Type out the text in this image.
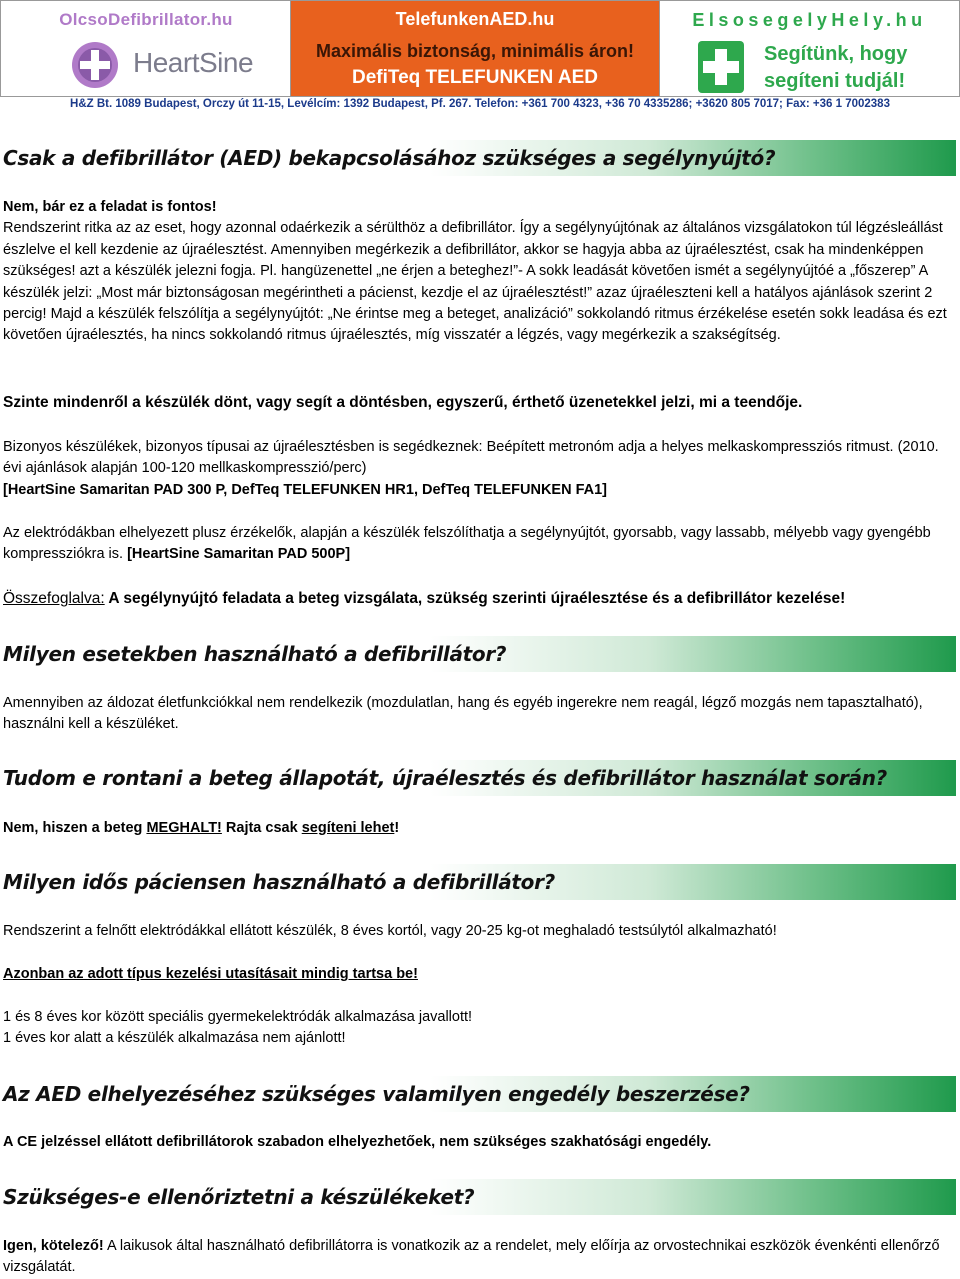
OlcsoDefibrillator.hu
HeartSine
TelefunkenAED.hu
Maximális biztonság, minimális áron!
DefiTeq TELEFUNKEN AED
ElsosegelyHely.hu
Segítünk, hogy
segíteni tudjál!
H&Z Bt. 1089 Budapest, Orczy út 11-15, Levélcím: 1392 Budapest, Pf. 267. Telefon: +361 700 4323, +36 70 4335286; +3620 805 7017; Fax: +36 1 7002383
Csak a defibrillátor (AED) bekapcsolásához szükséges a segélynyújtó?
Nem, bár ez a feladat is fontos!
Rendszerint ritka az az eset, hogy azonnal odaérkezik a sérülthöz a defibrillátor. Így a segélynyújtónak az általános vizsgálatokon túl légzésleállást észlelve el kell kezdenie az újraélesztést. Amennyiben megérkezik a defibrillátor, akkor se hagyja abba az újraélesztést, csak ha mindenképpen szükséges! azt a készülék jelezni fogja. Pl. hangüzenettel „ne érjen a beteghez!”- A sokk leadását követően ismét a segélynyújtóé a „főszerep” A készülék jelzi: „Most már biztonságosan megérintheti a pácienst, kezdje el az újraélesztést!” azaz újraéleszteni kell a hatályos ajánlások szerint 2 percig! Majd a készülék felszólítja a segélynyújtót: „Ne érintse meg a beteget, analizáció” sokkolandó ritmus érzékelése esetén sokk leadása és ezt követően újraélesztés, ha nincs sokkolandó ritmus újraélesztés, míg visszatér a légzés, vagy megérkezik a szakségítség.
Szinte mindenről a készülék dönt, vagy segít a döntésben, egyszerű, érthető üzenetekkel jelzi, mi a teendője.
Bizonyos készülékek, bizonyos típusai az újraélesztésben is segédkeznek: Beépített metronóm adja a helyes melkaskompressziós ritmust. (2010. évi ajánlások alapján 100-120 mellkaskompresszió/perc)
[HeartSine Samaritan PAD 300 P, DefTeq TELEFUNKEN HR1, DefTeq TELEFUNKEN FA1]
Az elektródákban elhelyezett plusz érzékelők, alapján a készülék felszólíthatja a segélynyújtót, gyorsabb, vagy lassabb, mélyebb vagy gyengébb kompressziókra is. [HeartSine Samaritan PAD 500P]
Összefoglalva: A segélynyújtó feladata a beteg vizsgálata, szükség szerinti újraélesztése és a defibrillátor kezelése!
Milyen esetekben használható a defibrillátor?
Amennyiben az áldozat életfunkciókkal nem rendelkezik (mozdulatlan, hang és egyéb ingerekre nem reagál, légző mozgás nem tapasztalható), használni kell a készüléket.
Tudom e rontani a beteg állapotát, újraélesztés és defibrillátor használat során?
Nem, hiszen a beteg MEGHALT! Rajta csak segíteni lehet!
Milyen idős páciensen használható a defibrillátor?
Rendszerint a felnőtt elektródákkal ellátott készülék, 8 éves kortól, vagy 20-25 kg-ot meghaladó testsúlytól alkalmazható!
Azonban az adott típus kezelési utasításait mindig tartsa be!
1 és 8 éves kor között speciális gyermekelektródák alkalmazása javallott!
1 éves kor alatt a készülék alkalmazása nem ajánlott!
Az AED elhelyezéséhez szükséges valamilyen engedély beszerzése?
A CE jelzéssel ellátott defibrillátorok szabadon elhelyezhetőek, nem szükséges szakhatósági engedély.
Szükséges-e ellenőriztetni a készülékeket?
Igen, kötelező! A laikusok által használható defibrillátorra is vonatkozik az a rendelet, mely előírja az orvostechnikai eszközök évenkénti ellenőrző vizsgálatát.
